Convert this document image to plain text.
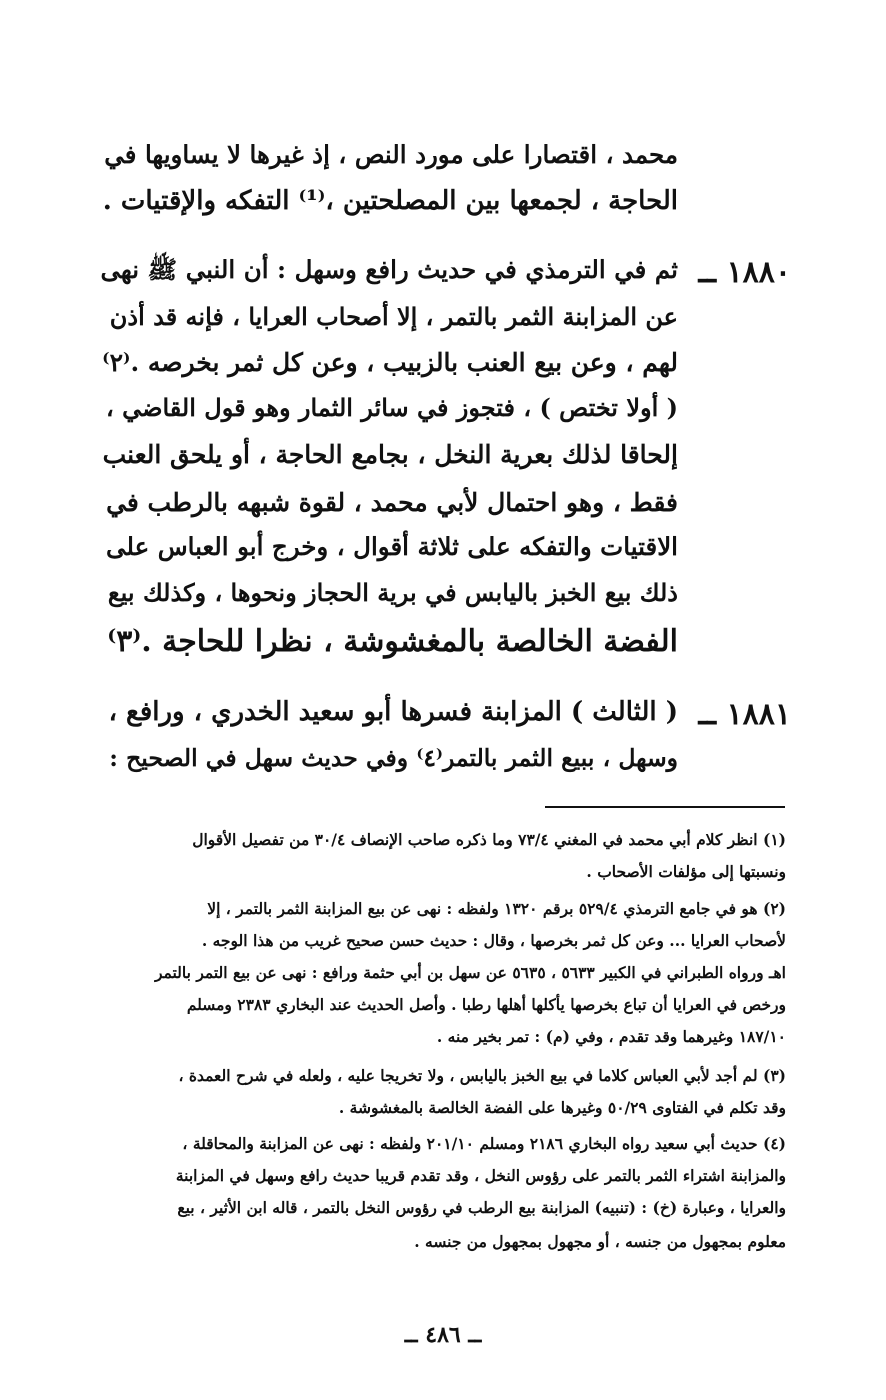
محمد ، اقتصارا على مورد النص ، إذ غيرها لا يساويها في
الحاجة ، لجمعها بين المصلحتين ،⁽¹⁾ التفكه والإقتيات .
١٨٨٠ ــ
ثم في الترمذي في حديث رافع وسهل : أن النبي ﷺ نهى
عن المزابنة الثمر بالتمر ، إلا أصحاب العرايا ، فإنه قد أذن
لهم ، وعن بيع العنب بالزبيب ، وعن كل ثمر بخرصه .⁽٢⁾
( أولا تختص ) ، فتجوز في سائر الثمار وهو قول القاضي ،
إلحاقا لذلك بعرية النخل ، بجامع الحاجة ، أو يلحق العنب
فقط ، وهو احتمال لأبي محمد ، لقوة شبهه بالرطب في
الاقتيات والتفكه على ثلاثة أقوال ، وخرج أبو العباس على
ذلك بيع الخبز باليابس في برية الحجاز ونحوها ، وكذلك بيع
الفضة الخالصة بالمغشوشة ، نظرا للحاجة .⁽٣⁾
١٨٨١ ــ
( الثالث ) المزابنة فسرها أبو سعيد الخدري ، ورافع ،
وسهل ، ببيع الثمر بالتمر⁽٤⁾ وفي حديث سهل في الصحيح :
(١) انظر كلام أبي محمد في المغني ٧٣/٤ وما ذكره صاحب الإنصاف ٣٠/٤ من تفصيل الأقوال
ونسبتها إلى مؤلفات الأصحاب .
(٢) هو في جامع الترمذي ٥٢٩/٤ برقم ١٣٢٠ ولفظه : نهى عن بيع المزابنة الثمر بالتمر ، إلا
لأصحاب العرايا ... وعن كل ثمر بخرصها ، وقال : حديث حسن صحيح غريب من هذا الوجه .
اهـ ورواه الطبراني في الكبير ٥٦٣٣ ، ٥٦٣٥ عن سهل بن أبي حثمة ورافع : نهى عن بيع التمر بالتمر
ورخص في العرايا أن تباع بخرصها يأكلها أهلها رطبا . وأصل الحديث عند البخاري ٢٣٨٣ ومسلم
١٨٧/١٠ وغيرهما وقد تقدم ، وفي (م) : تمر بخير منه .
(٣) لم أجد لأبي العباس كلاما في بيع الخبز باليابس ، ولا تخريجا عليه ، ولعله في شرح العمدة ،
وقد تكلم في الفتاوى ٥٠/٢٩ وغيرها على الفضة الخالصة بالمغشوشة .
(٤) حديث أبي سعيد رواه البخاري ٢١٨٦ ومسلم ٢٠١/١٠ ولفظه : نهى عن المزابنة والمحاقلة ،
والمزابنة اشتراء الثمر بالتمر على رؤوس النخل ، وقد تقدم قريبا حديث رافع وسهل في المزابنة
والعرايا ، وعبارة (خ) : (تنبيه) المزابنة بيع الرطب في رؤوس النخل بالتمر ، قاله ابن الأثير ، بيع
معلوم بمجهول من جنسه ، أو مجهول بمجهول من جنسه .
ــ ٤٨٦ ــ
